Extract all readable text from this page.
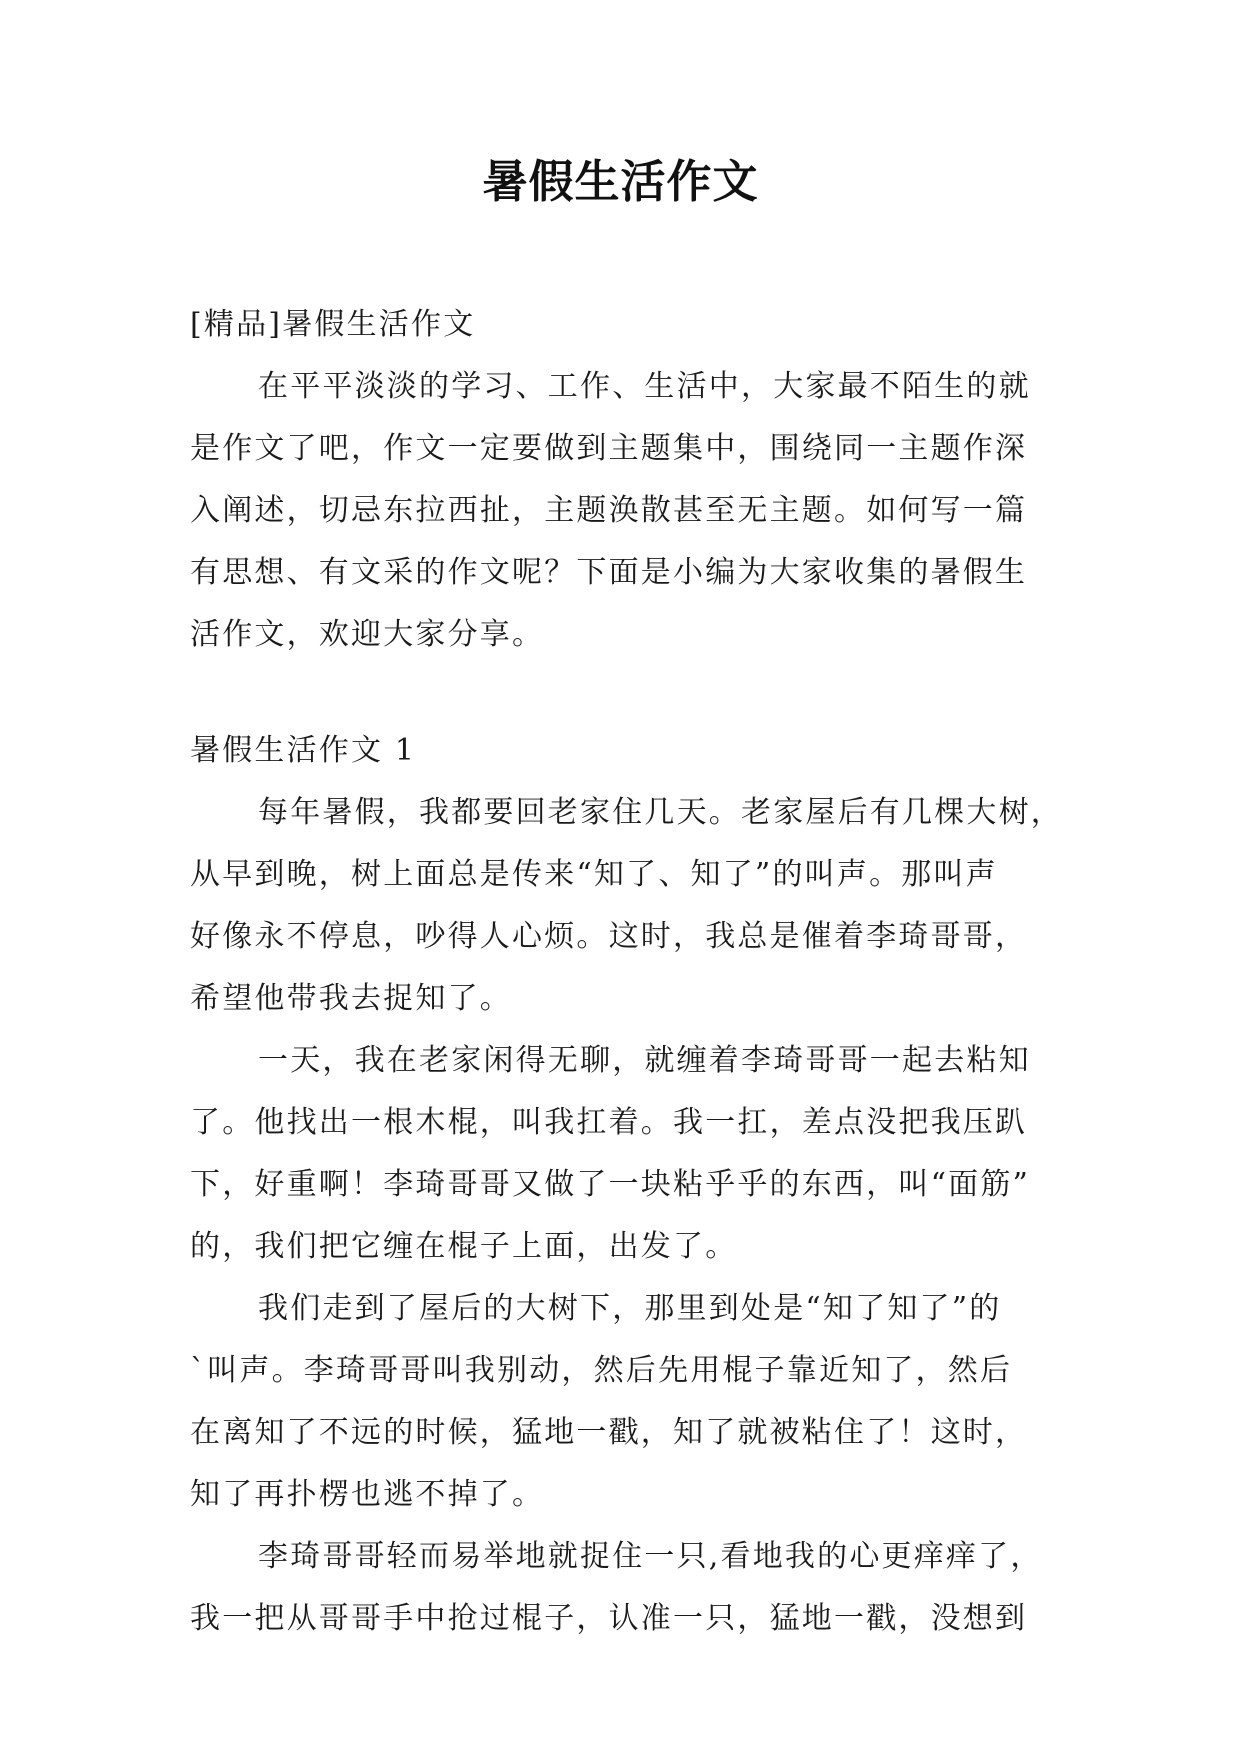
暑假生活作文

[精品]暑假生活作文

在平平淡淡的学习、工作、生活中，大家最不陌生的就

是作文了吧，作文一定要做到主题集中，围绕同一主题作深

入阐述，切忌东拉西扯，主题涣散甚至无主题。如何写一篇

有思想、有文采的作文呢？下面是小编为大家收集的暑假生

活作文，欢迎大家分享。

暑假生活作文 1

每年暑假，我都要回老家住几天。老家屋后有几棵大树，

从早到晚，树上面总是传来“知了、知了”的叫声。那叫声

好像永不停息，吵得人心烦。这时，我总是催着李琦哥哥，

希望他带我去捉知了。

一天，我在老家闲得无聊，就缠着李琦哥哥一起去粘知

了。他找出一根木棍，叫我扛着。我一扛，差点没把我压趴

下，好重啊！李琦哥哥又做了一块粘乎乎的东西，叫“面筋”

的，我们把它缠在棍子上面，出发了。

我们走到了屋后的大树下，那里到处是“知了知了”的

`叫声。李琦哥哥叫我别动，然后先用棍子靠近知了，然后

在离知了不远的时候，猛地一戳，知了就被粘住了！这时，

知了再扑楞也逃不掉了。

李琦哥哥轻而易举地就捉住一只,看地我的心更痒痒了，

我一把从哥哥手中抢过棍子，认准一只，猛地一戳，没想到
